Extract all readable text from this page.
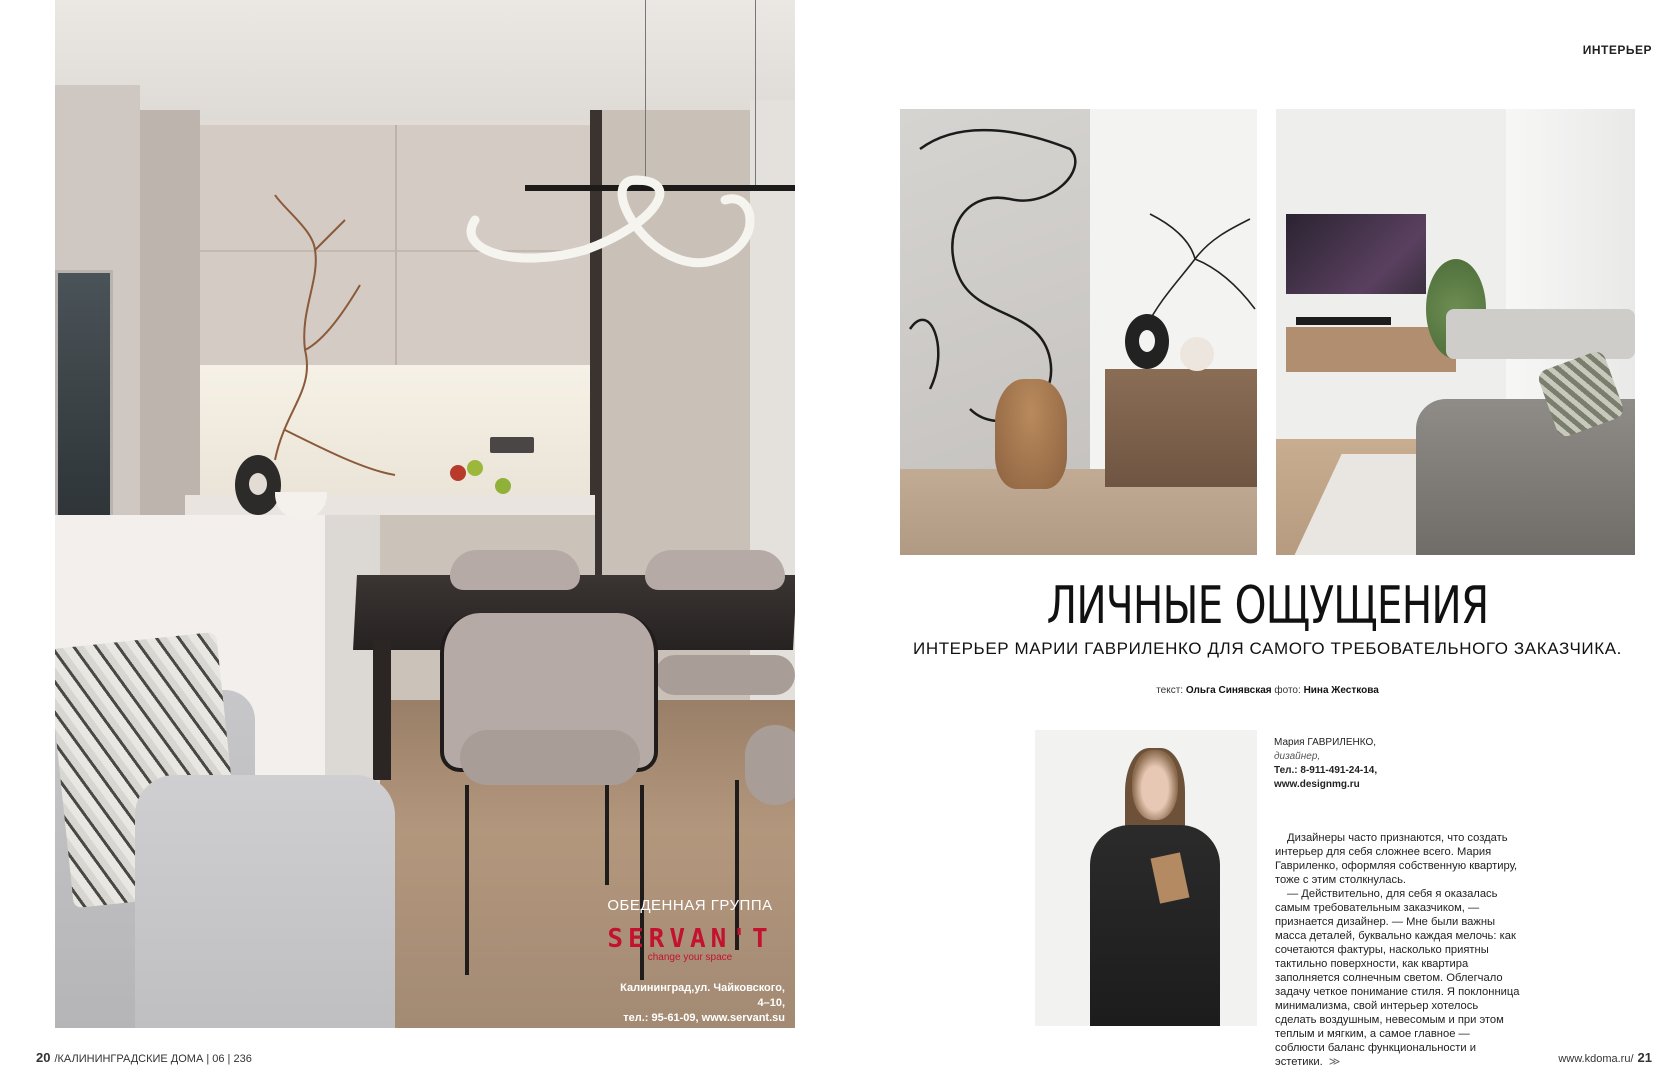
ОБЕДЕННАЯ ГРУППА
SERVAN'T
change your space
Калининград,ул. Чайковского, 4–10,
тел.: 95-61-09, www.servant.su
20 /КАЛИНИНГРАДСКИЕ ДОМА | 06 | 236
ИНТЕРЬЕР
ЛИЧНЫЕ ОЩУЩЕНИЯ
ИНТЕРЬЕР МАРИИ ГАВРИЛЕНКО ДЛЯ САМОГО ТРЕБОВАТЕЛЬНОГО ЗАКАЗЧИКА.
текст: Ольга Синявская фото: Нина Жесткова
Мария ГАВРИЛЕНКО,
дизайнер,
Тел.: 8-911-491-24-14,
www.designmg.ru

Дизайнеры часто признаются, что создать интерьер для себя сложнее всего. Мария Гавриленко, оформляя собственную квартиру, тоже с этим столкнулась.

— Действительно, для себя я оказалась самым требовательным заказчиком, — признается дизайнер. — Мне были важны масса деталей, буквально каждая мелочь: как сочетаются фактуры, насколько приятны тактильно поверхности, как квартира заполняется солнечным светом. Облегчало задачу четкое понимание стиля. Я поклонница минимализма, свой интерьер хотелось сделать воздушным, невесомым и при этом теплым и мягким, а самое главное — соблюсти баланс функциональности и эстетики. ≫	www.kdoma.ru/ 21
